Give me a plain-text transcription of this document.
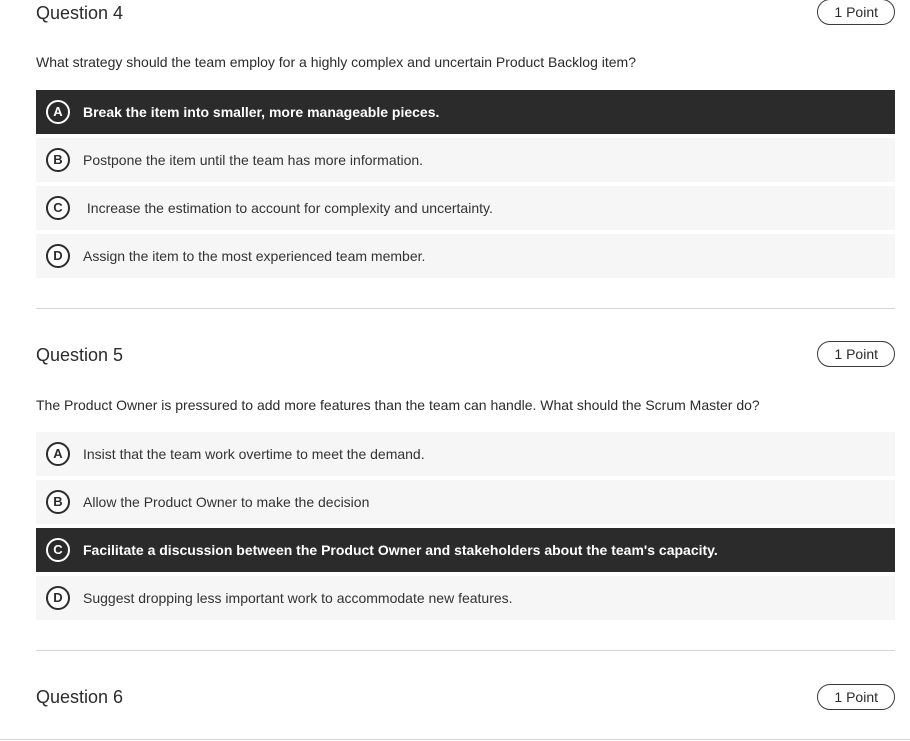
Question 4	1 Point
What strategy should the team employ for a highly complex and uncertain Product Backlog item?
A	Break the item into smaller, more manageable pieces.
B	Postpone the item until the team has more information.
C	Increase the estimation to account for complexity and uncertainty.
D	Assign the item to the most experienced team member.
Question 5	1 Point
The Product Owner is pressured to add more features than the team can handle. What should the Scrum Master do?
A	Insist that the team work overtime to meet the demand.
B	Allow the Product Owner to make the decision
C	Facilitate a discussion between the Product Owner and stakeholders about the team's capacity.
D	Suggest dropping less important work to accommodate new features.
Question 6	1 Point
